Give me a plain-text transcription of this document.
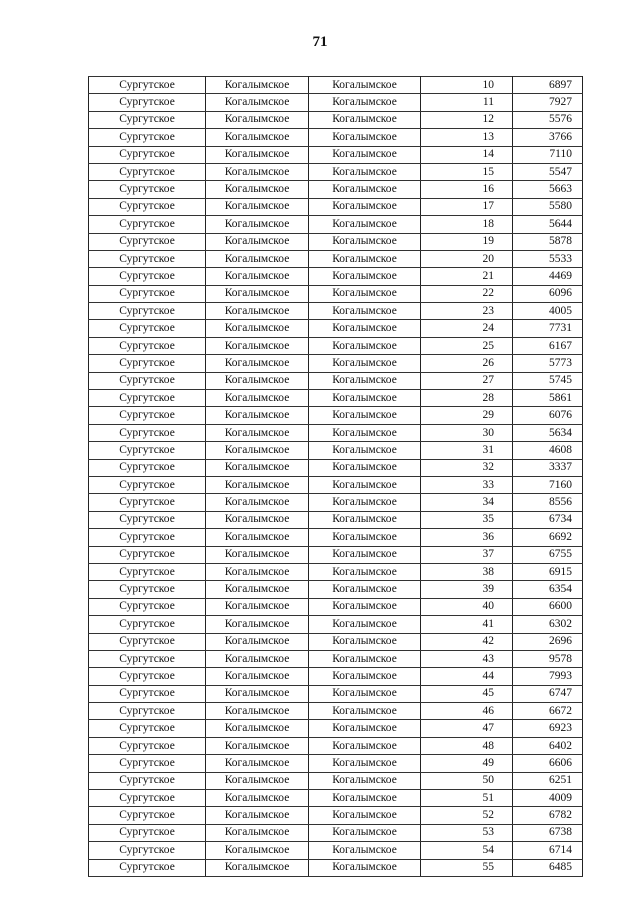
71
Сургутское	Когалымское	Когалымское	10	6897
Сургутское	Когалымское	Когалымское	11	7927
Сургутское	Когалымское	Когалымское	12	5576
Сургутское	Когалымское	Когалымское	13	3766
Сургутское	Когалымское	Когалымское	14	7110
Сургутское	Когалымское	Когалымское	15	5547
Сургутское	Когалымское	Когалымское	16	5663
Сургутское	Когалымское	Когалымское	17	5580
Сургутское	Когалымское	Когалымское	18	5644
Сургутское	Когалымское	Когалымское	19	5878
Сургутское	Когалымское	Когалымское	20	5533
Сургутское	Когалымское	Когалымское	21	4469
Сургутское	Когалымское	Когалымское	22	6096
Сургутское	Когалымское	Когалымское	23	4005
Сургутское	Когалымское	Когалымское	24	7731
Сургутское	Когалымское	Когалымское	25	6167
Сургутское	Когалымское	Когалымское	26	5773
Сургутское	Когалымское	Когалымское	27	5745
Сургутское	Когалымское	Когалымское	28	5861
Сургутское	Когалымское	Когалымское	29	6076
Сургутское	Когалымское	Когалымское	30	5634
Сургутское	Когалымское	Когалымское	31	4608
Сургутское	Когалымское	Когалымское	32	3337
Сургутское	Когалымское	Когалымское	33	7160
Сургутское	Когалымское	Когалымское	34	8556
Сургутское	Когалымское	Когалымское	35	6734
Сургутское	Когалымское	Когалымское	36	6692
Сургутское	Когалымское	Когалымское	37	6755
Сургутское	Когалымское	Когалымское	38	6915
Сургутское	Когалымское	Когалымское	39	6354
Сургутское	Когалымское	Когалымское	40	6600
Сургутское	Когалымское	Когалымское	41	6302
Сургутское	Когалымское	Когалымское	42	2696
Сургутское	Когалымское	Когалымское	43	9578
Сургутское	Когалымское	Когалымское	44	7993
Сургутское	Когалымское	Когалымское	45	6747
Сургутское	Когалымское	Когалымское	46	6672
Сургутское	Когалымское	Когалымское	47	6923
Сургутское	Когалымское	Когалымское	48	6402
Сургутское	Когалымское	Когалымское	49	6606
Сургутское	Когалымское	Когалымское	50	6251
Сургутское	Когалымское	Когалымское	51	4009
Сургутское	Когалымское	Когалымское	52	6782
Сургутское	Когалымское	Когалымское	53	6738
Сургутское	Когалымское	Когалымское	54	6714
Сургутское	Когалымское	Когалымское	55	6485
